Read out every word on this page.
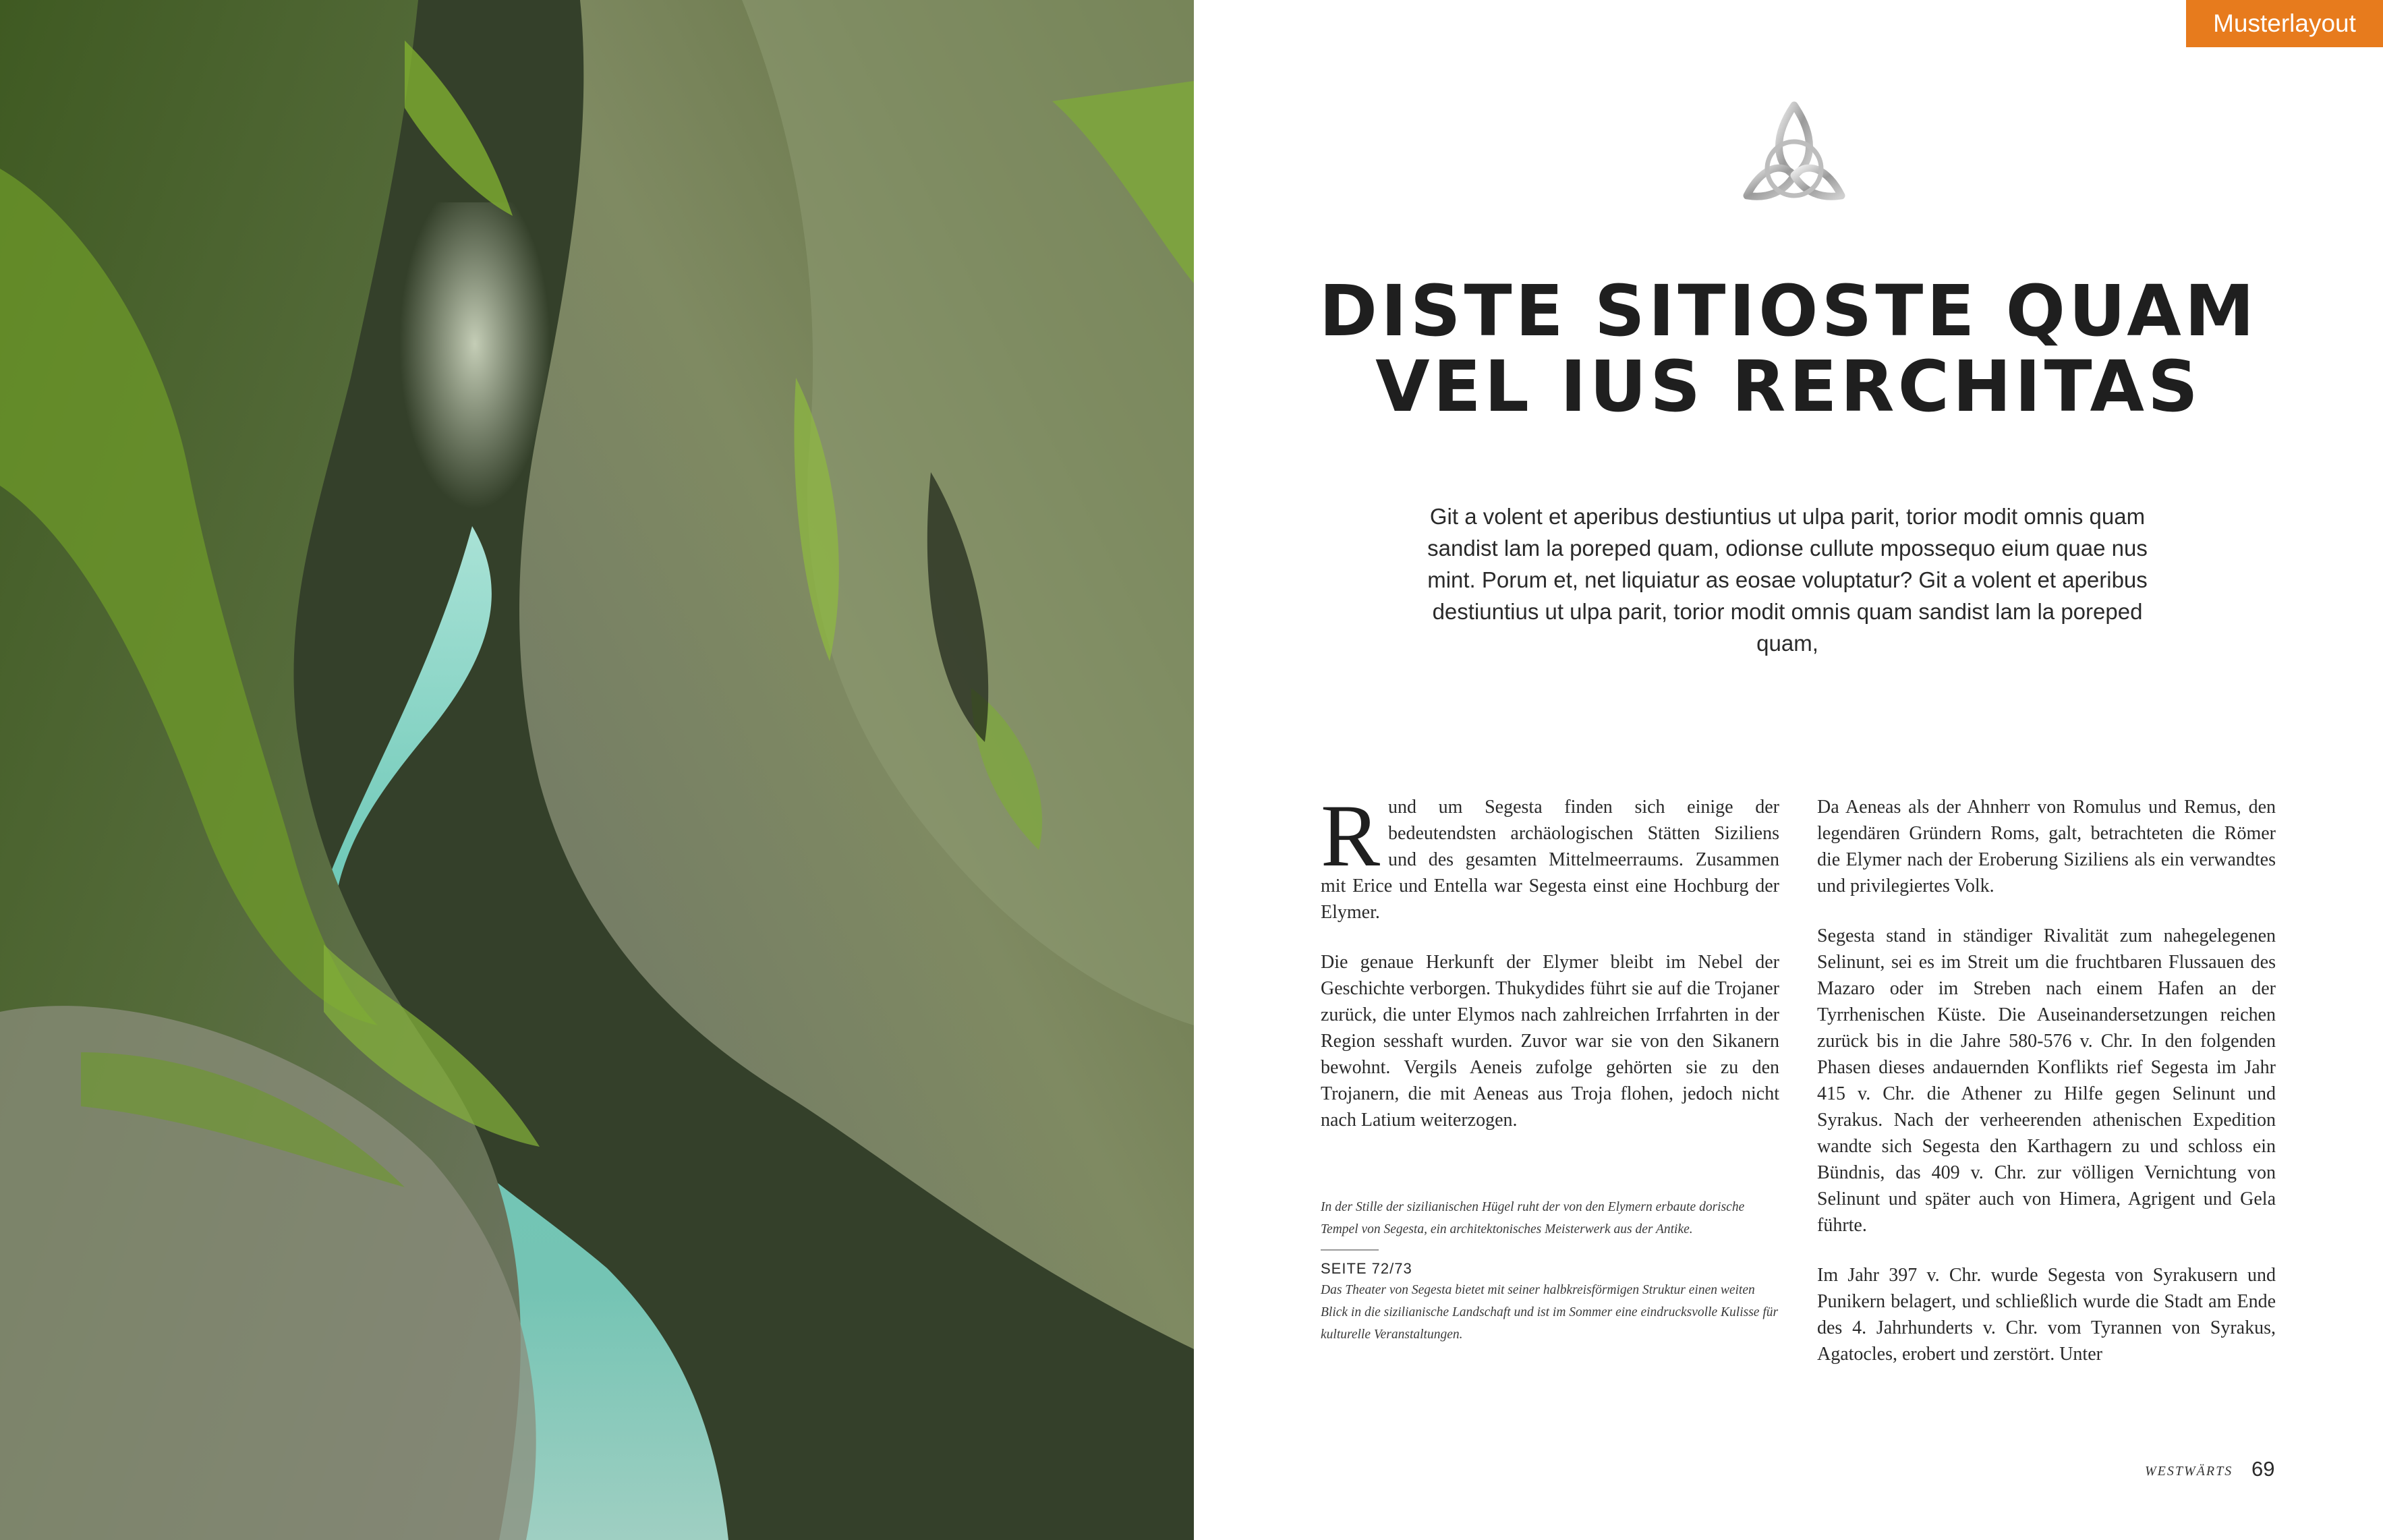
Musterlayout
DISTE SITIOSTE QUAM
VEL IUS RERCHITAS

Git a volent et aperibus destiuntius ut ulpa parit, torior modit omnis quam sandist lam la poreped quam, odionse cullute mpossequo eium quae nus mint. Porum et, net liquiatur as eosae voluptatur? Git a volent et aperibus destiuntius ut ulpa parit, torior modit omnis quam sandist lam la poreped quam,

Rund um Segesta finden sich einige der bedeutendsten archäologischen Stätten Siziliens und des gesamten Mittelmeerraums. Zusammen mit Erice und Entella war Segesta einst eine Hochburg der Elymer.

Die genaue Herkunft der Elymer bleibt im Nebel der Geschichte verborgen. Thukydides führt sie auf die Trojaner zurück, die unter Elymos nach zahlreichen Irrfahrten in der Region sesshaft wurden. Zuvor war sie von den Sikanern bewohnt. Vergils Aeneis zufolge gehörten sie zu den Trojanern, die mit Aeneas aus Troja flohen, jedoch nicht nach Latium weiterzogen.

In der Stille der sizilianischen Hügel ruht der von den Elymern erbaute dorische Tempel von Segesta, ein architektonisches Meisterwerk aus der Antike.

SEITE 72/73

Das Theater von Segesta bietet mit seiner halbkreisförmigen Struktur einen weiten Blick in die sizilianische Landschaft und ist im Sommer eine eindrucksvolle Kulisse für kulturelle Veranstaltungen.

Da Aeneas als der Ahnherr von Romulus und Remus, den legendären Gründern Roms, galt, betrachteten die Römer die Elymer nach der Eroberung Siziliens als ein verwandtes und privilegiertes Volk.

Segesta stand in ständiger Rivalität zum nahegelegenen Selinunt, sei es im Streit um die fruchtbaren Flussauen des Mazaro oder im Streben nach einem Hafen an der Tyrrhenischen Küste. Die Auseinandersetzungen reichen zurück bis in die Jahre 580-576 v. Chr. In den folgenden Phasen dieses andauernden Konflikts rief Segesta im Jahr 415 v. Chr. die Athener zu Hilfe gegen Selinunt und Syrakus. Nach der verheerenden athenischen Expedition wandte sich Segesta den Karthagern zu und schloss ein Bündnis, das 409 v. Chr. zur völligen Vernichtung von Selinunt und später auch von Himera, Agrigent und Gela führte.

Im Jahr 397 v. Chr. wurde Segesta von Syrakusern und Punikern belagert, und schließlich wurde die Stadt am Ende des 4. Jahrhunderts v. Chr. vom Tyrannen von Syrakus, Agatocles, erobert und zerstört. Unter

WESTWÄRTS 69
